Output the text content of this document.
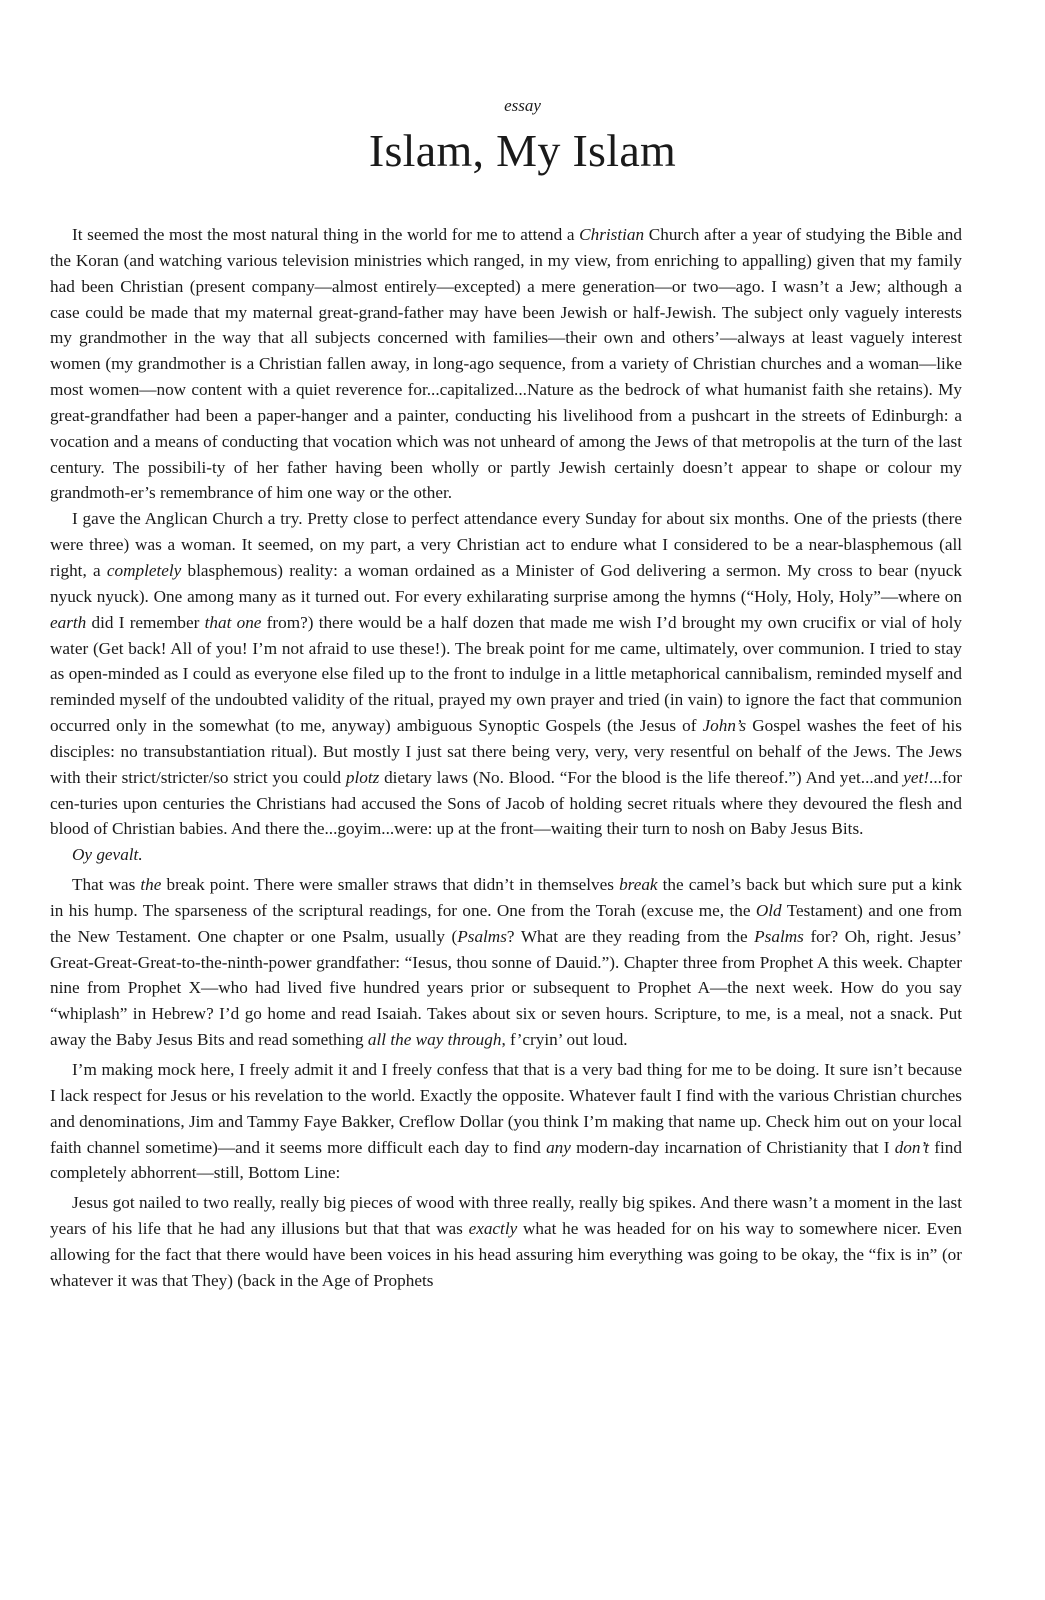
essay
Islam, My Islam

It seemed the most the most natural thing in the world for me to attend a Christian Church after a year of studying the Bible and the Koran (and watching various television ministries which ranged, in my view, from enriching to appalling) given that my family had been Christian (present company—almost entirely—excepted) a mere generation—or two—ago. I wasn’t a Jew; although a case could be made that my maternal great-grand-father may have been Jewish or half-Jewish. The subject only vaguely interests my grandmother in the way that all subjects concerned with families—their own and others’—always at least vaguely interest women (my grandmother is a Christian fallen away, in long-ago sequence, from a variety of Christian churches and a woman—like most women—now content with a quiet reverence for...capitalized...Nature as the bedrock of what humanist faith she retains). My great-grandfather had been a paper-hanger and a painter, conducting his livelihood from a pushcart in the streets of Edinburgh: a vocation and a means of conducting that vocation which was not unheard of among the Jews of that metropolis at the turn of the last century. The possibili-ty of her father having been wholly or partly Jewish certainly doesn’t appear to shape or colour my grandmoth-er’s remembrance of him one way or the other.

I gave the Anglican Church a try. Pretty close to perfect attendance every Sunday for about six months. One of the priests (there were three) was a woman. It seemed, on my part, a very Christian act to endure what I considered to be a near-blasphemous (all right, a completely blasphemous) reality: a woman ordained as a Minister of God delivering a sermon. My cross to bear (nyuck nyuck nyuck). One among many as it turned out. For every exhilarating surprise among the hymns (“Holy, Holy, Holy”—where on earth did I remember that one from?) there would be a half dozen that made me wish I’d brought my own crucifix or vial of holy water (Get back! All of you! I’m not afraid to use these!). The break point for me came, ultimately, over communion. I tried to stay as open-minded as I could as everyone else filed up to the front to indulge in a little metaphorical cannibalism, reminded myself and reminded myself of the undoubted validity of the ritual, prayed my own prayer and tried (in vain) to ignore the fact that communion occurred only in the somewhat (to me, anyway) ambiguous Synoptic Gospels (the Jesus of John’s Gospel washes the feet of his disciples: no transubstantiation ritual). But mostly I just sat there being very, very, very resentful on behalf of the Jews. The Jews with their strict/stricter/so strict you could plotz dietary laws (No. Blood. “For the blood is the life thereof.”) And yet...and yet!...for cen-turies upon centuries the Christians had accused the Sons of Jacob of holding secret rituals where they devoured the flesh and blood of Christian babies. And there the...goyim...were: up at the front—waiting their turn to nosh on Baby Jesus Bits.

Oy gevalt.

That was the break point. There were smaller straws that didn’t in themselves break the camel’s back but which sure put a kink in his hump. The sparseness of the scriptural readings, for one. One from the Torah (excuse me, the Old Testament) and one from the New Testament. One chapter or one Psalm, usually (Psalms? What are they reading from the Psalms for? Oh, right. Jesus’ Great-Great-Great-to-the-ninth-power grandfather: “Iesus, thou sonne of Dauid.”). Chapter three from Prophet A this week. Chapter nine from Prophet X—who had lived five hundred years prior or subsequent to Prophet A—the next week. How do you say “whiplash” in Hebrew? I’d go home and read Isaiah. Takes about six or seven hours. Scripture, to me, is a meal, not a snack. Put away the Baby Jesus Bits and read something all the way through, f’cryin’ out loud.

I’m making mock here, I freely admit it and I freely confess that that is a very bad thing for me to be doing. It sure isn’t because I lack respect for Jesus or his revelation to the world. Exactly the opposite. Whatever fault I find with the various Christian churches and denominations, Jim and Tammy Faye Bakker, Creflow Dollar (you think I’m making that name up. Check him out on your local faith channel sometime)—and it seems more difficult each day to find any modern-day incarnation of Christianity that I don’t find completely abhorrent—still, Bottom Line:

Jesus got nailed to two really, really big pieces of wood with three really, really big spikes. And there wasn’t a moment in the last years of his life that he had any illusions but that that was exactly what he was headed for on his way to somewhere nicer. Even allowing for the fact that there would have been voices in his head assuring him everything was going to be okay, the “fix is in” (or whatever it was that They) (back in the Age of Prophets
